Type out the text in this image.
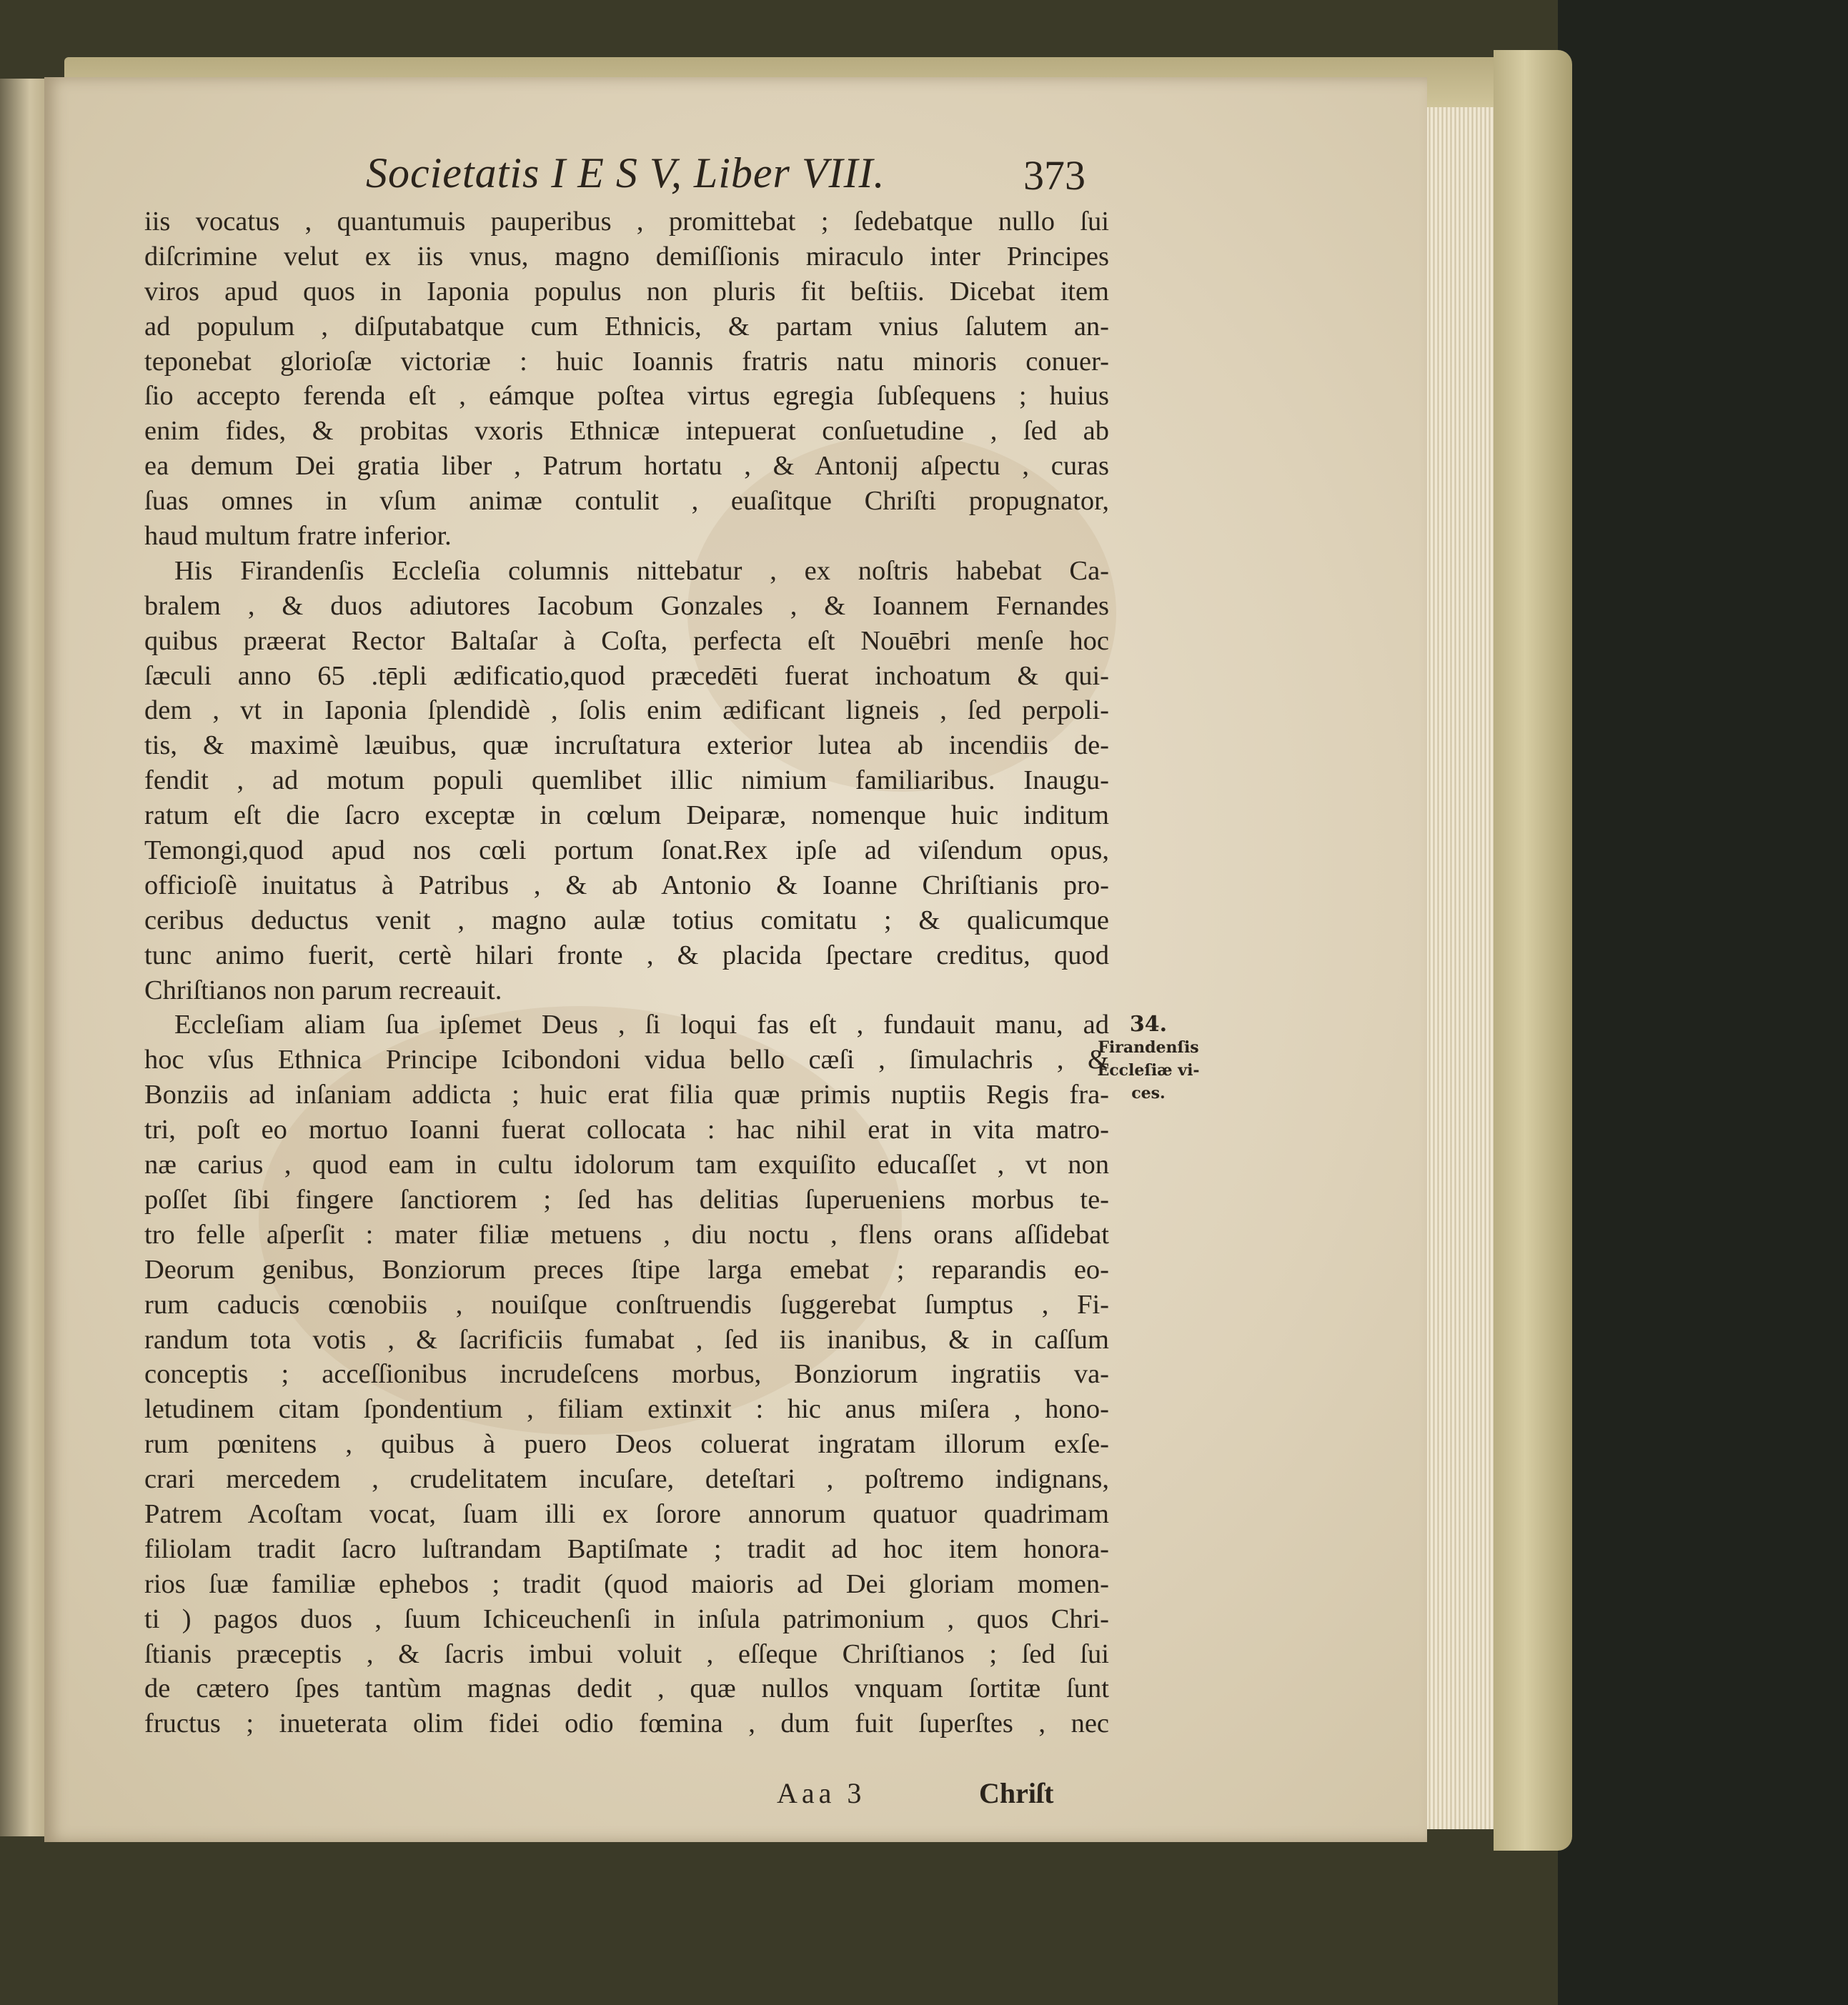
Societatis I E S V, Liber VIII.	373
iis vocatus , quantumuis pauperibus , promittebat ; ſedebatque nullo ſui
diſcrimine velut ex iis vnus, magno demiſſionis miraculo inter Principes
viros apud quos in Iaponia populus non pluris fit beſtiis. Dicebat item
ad populum , diſputabatque cum Ethnicis, & partam vnius ſalutem an-
teponebat glorioſæ victoriæ : huic Ioannis fratris natu minoris conuer-
ſio accepto ferenda eſt , eámque poſtea virtus egregia ſubſequens ; huius
enim fides, & probitas vxoris Ethnicæ intepuerat conſuetudine , ſed ab
ea demum Dei gratia liber , Patrum hortatu , & Antonij aſpectu , curas
ſuas omnes in vſum animæ contulit , euaſitque Chriſti propugnator,
haud multum fratre inferior.
His Firandenſis Eccleſia columnis nittebatur , ex noſtris habebat Ca-
bralem , & duos adiutores Iacobum Gonzales , & Ioannem Fernandes
quibus præerat Rector Baltaſar à Coſta, perfecta eſt Nouēbri menſe hoc
ſæculi anno 65 .tēpli ædificatio,quod præcedēti fuerat inchoatum & qui-
dem , vt in Iaponia ſplendidè , ſolis enim ædificant ligneis , ſed perpoli-
tis, & maximè læuibus, quæ incruſtatura exterior lutea ab incendiis de-
fendit , ad motum populi quemlibet illic nimium familiaribus. Inaugu-
ratum eſt die ſacro exceptæ in cœlum Deiparæ, nomenque huic inditum
Temongi,quod apud nos cœli portum ſonat.Rex ipſe ad viſendum opus,
officioſè inuitatus à Patribus , & ab Antonio & Ioanne Chriſtianis pro-
ceribus deductus venit , magno aulæ totius comitatu ; & qualicumque
tunc animo fuerit, certè hilari fronte , & placida ſpectare creditus, quod
Chriſtianos non parum recreauit.
Eccleſiam aliam ſua ipſemet Deus , ſi loqui fas eſt , fundauit manu, ad
hoc vſus Ethnica Principe Icibondoni vidua bello cæſi , ſimulachris , &
Bonziis ad inſaniam addicta ; huic erat filia quæ primis nuptiis Regis fra-
tri, poſt eo mortuo Ioanni fuerat collocata : hac nihil erat in vita matro-
næ carius , quod eam in cultu idolorum tam exquiſito educaſſet , vt non
poſſet ſibi fingere ſanctiorem ; ſed has delitias ſuperueniens morbus te-
tro felle aſperſit : mater filiæ metuens , diu noctu , flens orans aſſidebat
Deorum genibus, Bonziorum preces ſtipe larga emebat ; reparandis eo-
rum caducis cœnobiis , nouiſque conſtruendis ſuggerebat ſumptus , Fi-
randum tota votis , & ſacrificiis fumabat , ſed iis inanibus, & in caſſum
conceptis ; acceſſionibus incrudeſcens morbus, Bonziorum ingratiis va-
letudinem citam ſpondentium , filiam extinxit : hic anus miſera , hono-
rum pœnitens , quibus à puero Deos coluerat ingratam illorum exſe-
crari mercedem , crudelitatem incuſare, deteſtari , poſtremo indignans,
Patrem Acoſtam vocat, ſuam illi ex ſorore annorum quatuor quadrimam
filiolam tradit ſacro luſtrandam Baptiſmate ; tradit ad hoc item honora-
rios ſuæ familiæ ephebos ; tradit (quod maioris ad Dei gloriam momen-
ti ) pagos duos , ſuum Ichiceuchenſi in inſula patrimonium , quos Chri-
ſtianis præceptis , & ſacris imbui voluit , eſſeque Chriſtianos ; ſed ſui
de cætero ſpes tantùm magnas dedit , quæ nullos vnquam ſortitæ ſunt
fructus ; inueterata olim fidei odio fœmina , dum fuit ſuperſtes , nec
34.
Firandenſis
Eccleſiæ vi-
ces.
Aaa 3	Chriſt
